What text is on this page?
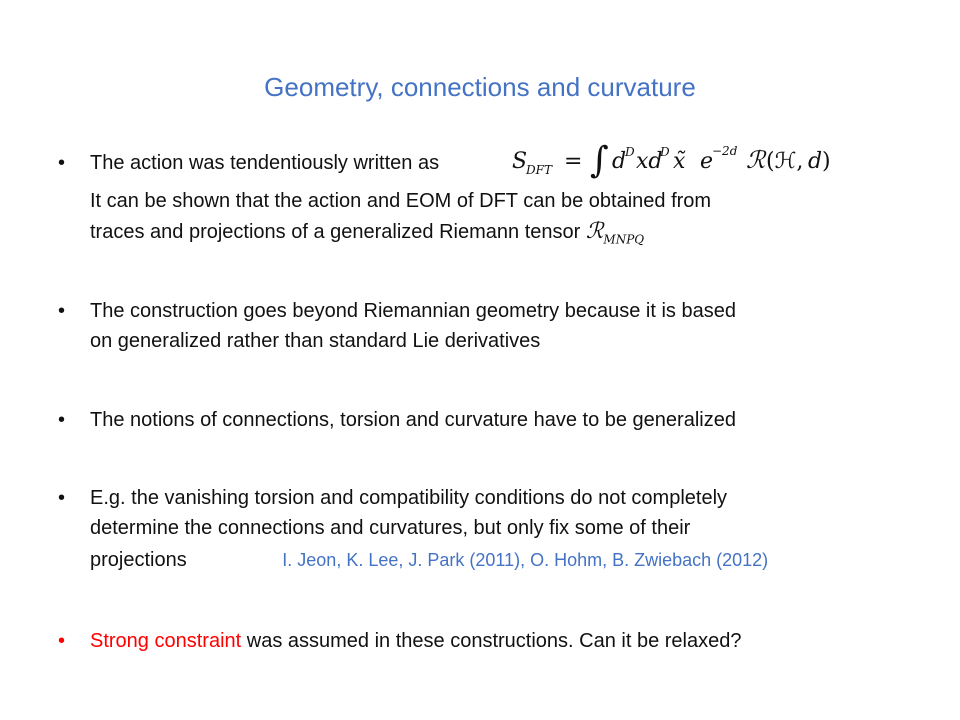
Geometry, connections and curvature
• The action was tendentiously written as	S
DFT = ∫ d
D xd
D x̃ e
−2d ℛ (ℋ, d )
It can be shown that the action and EOM of DFT can be obtained from
traces and projections of a generalized Riemann tensor ℛ$_{MNPQ}$
• The construction goes beyond Riemannian geometry because it is based
on generalized rather than standard Lie derivatives
• The notions of connections, torsion and curvature have to be generalized
• E.g. the vanishing torsion and compatibility conditions do not completely
determine the connections and curvatures, but only fix some of their
projections	I. Jeon, K. Lee, J. Park (2011), O. Hohm, B. Zwiebach (2012)
• Strong constraint was assumed in these constructions. Can it be relaxed?
